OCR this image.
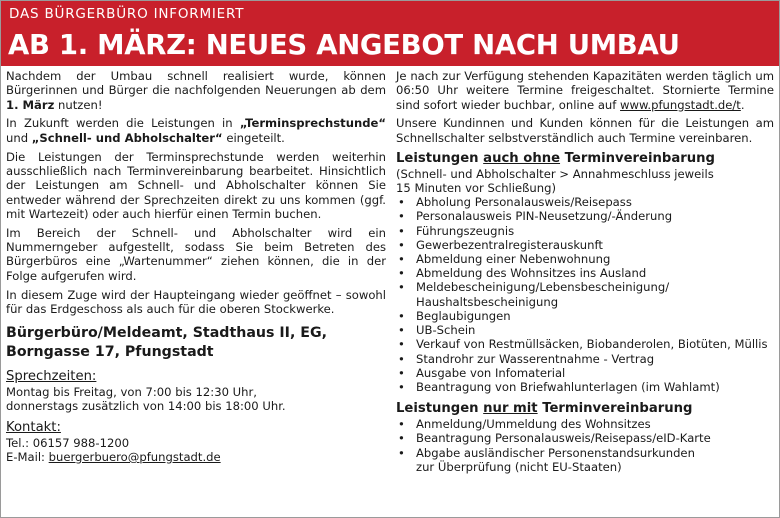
DAS BÜRGERBÜRO INFORMIERT
AB 1. MÄRZ: NEUES ANGEBOT NACH UMBAU

Nachdem der Umbau schnell realisiert wurde, können Bürgerinnen und Bürger die nachfolgenden Neuerungen ab dem 1. März nutzen!

In Zukunft werden die Leistungen in „Terminsprechstunde“ und „Schnell- und Abholschalter“ eingeteilt.

Die Leistungen der Terminsprechstunde werden weiterhin ausschließlich nach Terminvereinbarung bearbeitet. Hinsichtlich der Leistungen am Schnell- und Abholschalter können Sie entweder während der Sprechzeiten direkt zu uns kommen (ggf. mit Wartezeit) oder auch hierfür einen Termin buchen.

Im Bereich der Schnell- und Abholschalter wird ein Nummerngeber aufgestellt, sodass Sie beim Betreten des Bürgerbüros eine „Wartenummer“ ziehen können, die in der Folge aufgerufen wird.

In diesem Zuge wird der Haupteingang wieder geöffnet – sowohl für das Erdgeschoss als auch für die oberen Stockwerke.

Bürgerbüro/Meldeamt, Stadthaus II, EG,
Borngasse 17, Pfungstadt
Sprechzeiten:
Montag bis Freitag, von 7:00 bis 12:30 Uhr,
donnerstags zusätzlich von 14:00 bis 18:00 Uhr.
Kontakt:
Tel.: 06157 988-1200
E-Mail: buergerbuero@pfungstadt.de

Je nach zur Verfügung stehenden Kapazitäten werden täglich um 06:50 Uhr weitere Termine freigeschaltet. Stornierte Termine sind sofort wieder buchbar, online auf www.pfungstadt.de/t.

Unsere Kundinnen und Kunden können für die Leistungen am Schnellschalter selbstverständlich auch Termine vereinbaren.

Leistungen auch ohne Terminvereinbarung
(Schnell- und Abholschalter > Annahmeschluss jeweils
15 Minuten vor Schließung)
• Abholung Personalausweis/Reisepass
• Personalausweis PIN-Neusetzung/-Änderung
• Führungszeugnis
• Gewerbezentralregisterauskunft
• Abmeldung einer Nebenwohnung
• Abmeldung des Wohnsitzes ins Ausland
• Meldebescheinigung/Lebensbescheinigung/
Haushaltsbescheinigung
• Beglaubigungen
• UB-Schein
• Verkauf von Restmüllsäcken, Biobanderolen, Biotüten, Müllis
• Standrohr zur Wasserentnahme - Vertrag
• Ausgabe von Infomaterial
• Beantragung von Briefwahlunterlagen (im Wahlamt)
Leistungen nur mit Terminvereinbarung
• Anmeldung/Ummeldung des Wohnsitzes
• Beantragung Personalausweis/Reisepass/eID-Karte
• Abgabe ausländischer Personenstandsurkunden
zur Überprüfung (nicht EU-Staaten)
